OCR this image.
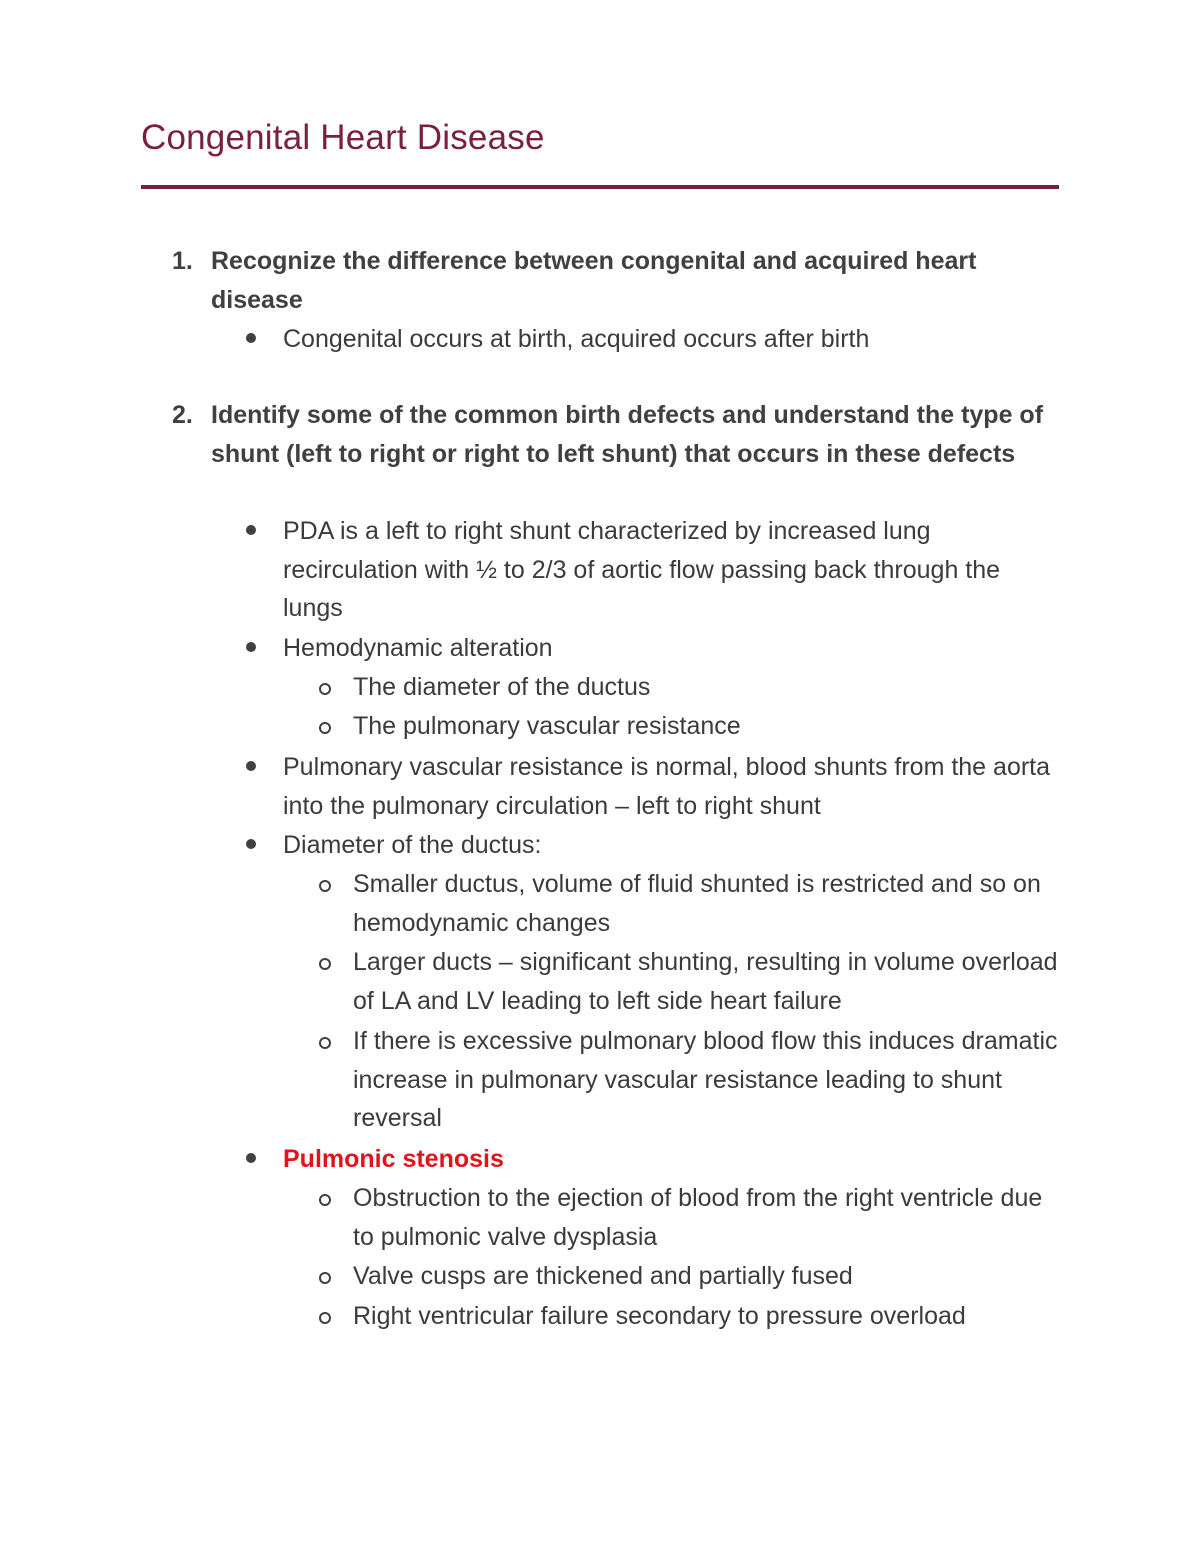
Congenital Heart Disease
1. Recognize the difference between congenital and acquired heart disease
Congenital occurs at birth, acquired occurs after birth
2. Identify some of the common birth defects and understand the type of shunt (left to right or right to left shunt) that occurs in these defects
PDA is a left to right shunt characterized by increased lung recirculation with ½ to 2/3 of aortic flow passing back through the lungs
Hemodynamic alteration
The diameter of the ductus
The pulmonary vascular resistance
Pulmonary vascular resistance is normal, blood shunts from the aorta into the pulmonary circulation – left to right shunt
Diameter of the ductus:
Smaller ductus, volume of fluid shunted is restricted and so on hemodynamic changes
Larger ducts – significant shunting, resulting in volume overload of LA and LV leading to left side heart failure
If there is excessive pulmonary blood flow this induces dramatic increase in pulmonary vascular resistance leading to shunt reversal
Pulmonic stenosis
Obstruction to the ejection of blood from the right ventricle due to pulmonic valve dysplasia
Valve cusps are thickened and partially fused
Right ventricular failure secondary to pressure overload
